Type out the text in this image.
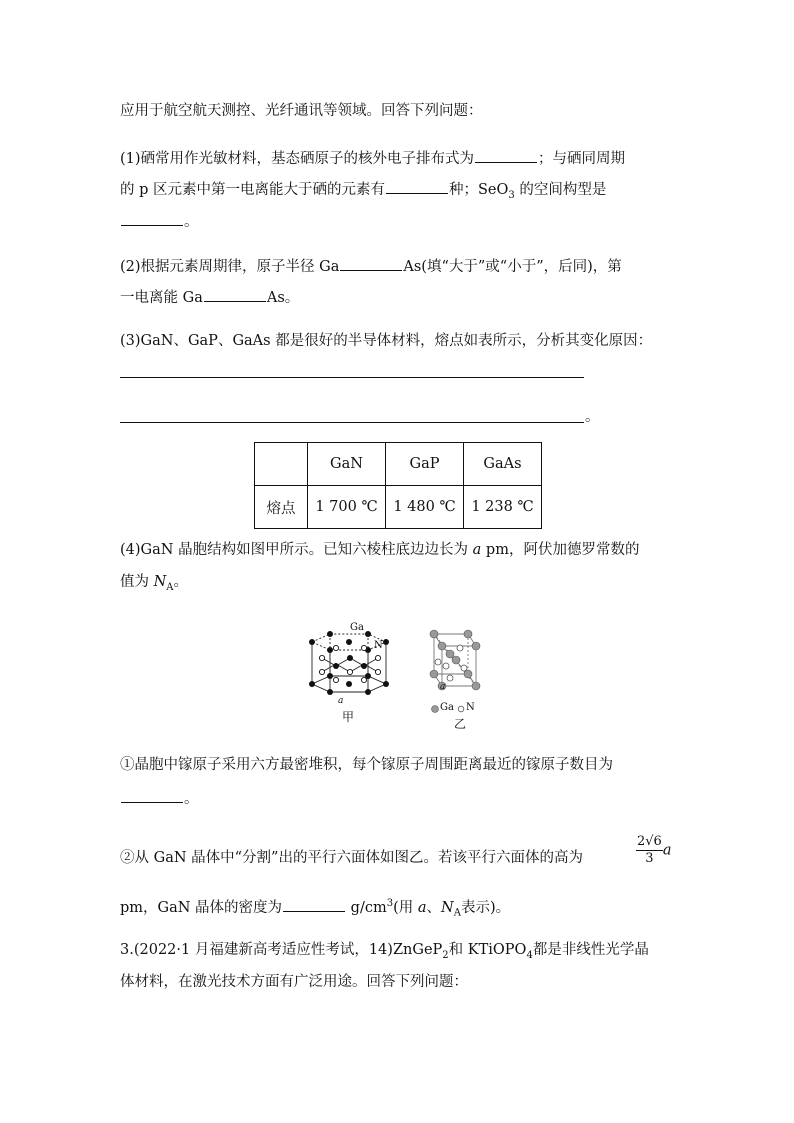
应用于航空航天测控、光纤通讯等领域。回答下列问题：
(1)硒常用作光敏材料，基态硒原子的核外电子排布式为	；与硒同周期
的 p 区元素中第一电离能大于硒的元素有	种；SeO$_3$ 的空间构型是
。
(2)根据元素周期律，原子半径 Ga	As(填“大于”或“小于”，后同)，第
一电离能 Ga	As。
(3)GaN、GaP、GaAs 都是很好的半导体材料，熔点如表所示，分析其变化原因：
。
	GaN	GaP	GaAs
熔点	1 700 ℃	1 480 ℃	1 238 ℃
(4)GaN 晶胞结构如图甲所示。已知六棱柱底边边长为 a pm，阿伏加德罗常数的
值为 $N_A$。
Ga
N
a
甲
a
Ga N
乙
①晶胞中镓原子采用六方最密堆积，每个镓原子周围距离最近的镓原子数目为
。
②从 GaN 晶体中“分割”出的平行六面体如图乙。若该平行六面体的高为	$\frac{2√6}{3}$ a
pm，GaN 晶体的密度为	$g/cm^3$(用 a、$N_A$表示)。
3.(2022·1 月福建新高考适应性考试，14)ZnGeP$_2$和 KTiOPO$_4$都是非线性光学晶
体材料，在激光技术方面有广泛用途。回答下列问题：
